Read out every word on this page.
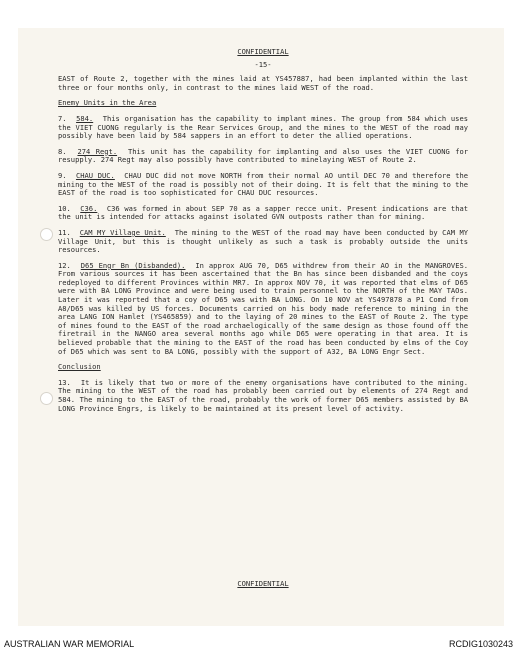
CONFIDENTIAL
-15-

EAST of Route 2, together with the mines laid at YS457887, had been implanted within the last three or four months only, in contrast to the mines laid WEST of the road.

Enemy Units in the Area

7. 584. This organisation has the capability to implant mines. The group from 584 which uses the VIET CUONG regularly is the Rear Services Group, and the mines to the WEST of the road may possibly have been laid by 584 sappers in an effort to deter the allied operations.

8. 274 Regt. This unit has the capability for implanting and also uses the VIET CUONG for resupply. 274 Regt may also possibly have contributed to minelaying WEST of Route 2.

9. CHAU DUC. CHAU DUC did not move NORTH from their normal AO until DEC 70 and therefore the mining to the WEST of the road is possibly not of their doing. It is felt that the mining to the EAST of the road is too sophisticated for CHAU DUC resources.

10. C36. C36 was formed in about SEP 70 as a sapper recce unit. Present indications are that the unit is intended for attacks against isolated GVN outposts rather than for mining.

11. CAM MY Village Unit. The mining to the WEST of the road may have been conducted by CAM MY Village Unit, but this is thought unlikely as such a task is probably outside the units resources.

12. D65 Engr Bn (Disbanded). In approx AUG 70, D65 withdrew from their AO in the MANGROVES. From various sources it has been ascertained that the Bn has since been disbanded and the coys redeployed to different Provinces within MR7. In approx NOV 70, it was reported that elms of D65 were with BA LONG Province and were being used to train personnel to the NORTH of the MAY TAOs. Later it was reported that a coy of D65 was with BA LONG. On 10 NOV at YS497878 a P1 Comd from A8/D65 was killed by US forces. Documents carried on his body made reference to mining in the area LANG ION Hamlet (YS465859) and to the laying of 20 mines to the EAST of Route 2. The type of mines found to the EAST of the road archaelogically of the same design as those found off the firetrail in the NANGO area several months ago while D65 were operating in that area. It is believed probable that the mining to the EAST of the road has been conducted by elms of the Coy of D65 which was sent to BA LONG, possibly with the support of A32, BA LONG Engr Sect.

Conclusion

13. It is likely that two or more of the enemy organisations have contributed to the mining. The mining to the WEST of the road has probably been carried out by elements of 274 Regt and 584. The mining to the EAST of the road, probably the work of former D65 members assisted by BA LONG Province Engrs, is likely to be maintained at its present level of activity.

CONFIDENTIAL
AUSTRALIAN WAR MEMORIAL	RCDIG1030243
